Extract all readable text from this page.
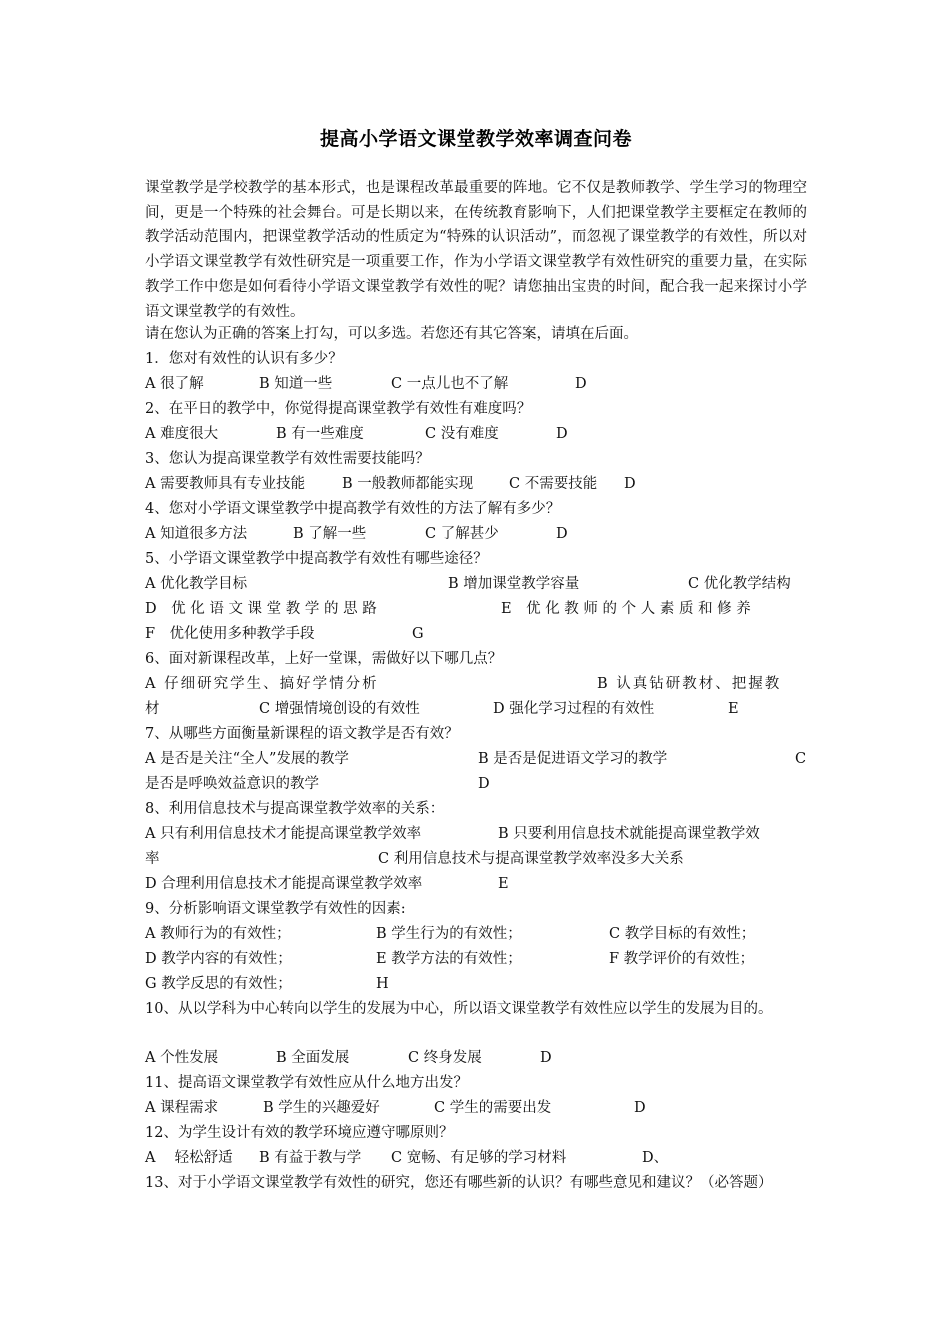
提高小学语文课堂教学效率调查问卷
课堂教学是学校教学的基本形式，也是课程改革最重要的阵地。它不仅是教师教学、学生学习的物理空间，更是一个特殊的社会舞台。可是长期以来，在传统教育影响下，人们把课堂教学主要框定在教师的教学活动范围内，把课堂教学活动的性质定为“特殊的认识活动”，而忽视了课堂教学的有效性，所以对小学语文课堂教学有效性研究是一项重要工作，作为小学语文课堂教学有效性研究的重要力量，在实际教学工作中您是如何看待小学语文课堂教学有效性的呢？请您抽出宝贵的时间，配合我一起来探讨小学语文课堂教学的有效性。
请在您认为正确的答案上打勾，可以多选。若您还有其它答案，请填在后面。
1．您对有效性的认识有多少？
A 很了解	B 知道一些	C 一点儿也不了解	D
2、在平日的教学中，你觉得提高课堂教学有效性有难度吗？
A 难度很大	B 有一些难度	C 没有难度	D
3、您认为提高课堂教学有效性需要技能吗？
A 需要教师具有专业技能	B 一般教师都能实现 C 不需要技能 D
4、您对小学语文课堂教学中提高教学有效性的方法了解有多少？
A 知道很多方法	B 了解一些	C 了解甚少	D
5、小学语文课堂教学中提高教学有效性有哪些途径？
A 优化教学目标	B 增加课堂教学容量	C 优化教学结构
D　优 化 语 文 课 堂 教 学 的 思 路	E　优 化 教 师 的 个 人 素 质 和 修 养
F　优化使用多种教学手段	G
6、面对新课程改革，上好一堂课，需做好以下哪几点？
A 仔细研究学生、搞好学情分析	B 认真钻研教材、把握教
材	C 增强情境创设的有效性	D 强化学习过程的有效性	E
7、从哪些方面衡量新课程的语文教学是否有效？
A 是否是关注“全人”发展的教学	B 是否是促进语文学习的教学	C
是否是呼唤效益意识的教学	D
8、利用信息技术与提高课堂教学效率的关系：
A 只有利用信息技术才能提高课堂教学效率	B 只要利用信息技术就能提高课堂教学效
率	C 利用信息技术与提高课堂教学效率没多大关系
D 合理利用信息技术才能提高课堂教学效率	E
9、分析影响语文课堂教学有效性的因素:
A 教师行为的有效性；	B 学生行为的有效性；	C 教学目标的有效性；
D 教学内容的有效性；	E 教学方法的有效性；	F 教学评价的有效性；
G 教学反思的有效性；	H
10、从以学科为中心转向以学生的发展为中心，所以语文课堂教学有效性应以学生的发展为目的。
A 个性发展	B 全面发展	C 终身发展	D
11、提高语文课堂教学有效性应从什么地方出发？
A 课程需求	B 学生的兴趣爱好	C 学生的需要出发	D
12、为学生设计有效的教学环境应遵守哪原则？
A　 轻松舒适 B 有益于教与学 C 宽畅、有足够的学习材料	D、
13、对于小学语文课堂教学有效性的研究，您还有哪些新的认识？有哪些意见和建议？（必答题）
